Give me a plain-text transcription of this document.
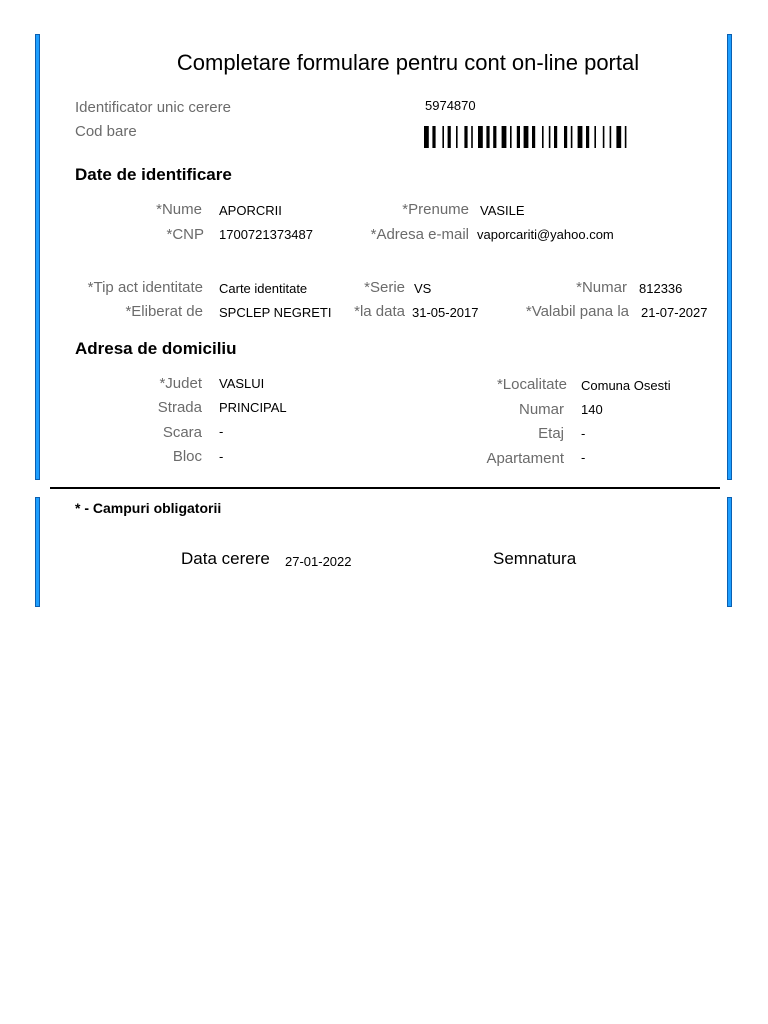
Completare formulare pentru cont on-line portal
Identificator unic cerere	5974870
Cod bare
Date de identificare
*Nume APORCRII	*Prenume VASILE
*CNP 1700721373487	*Adresa e-mail vaporcariti@yahoo.com
*Tip act identitate Carte identitate	*Serie VS	*Numar 812336
*Eliberat de SPCLEP NEGRETI	*la data 31-05-2017	*Valabil pana la 21-07-2027
Adresa de domiciliu
*Judet VASLUI	*Localitate Comuna Osesti
Strada PRINCIPAL	Numar 140
Scara -	Etaj -
Bloc -	Apartament -
* - Campuri obligatorii
Data cerere 27-01-2022	Semnatura
